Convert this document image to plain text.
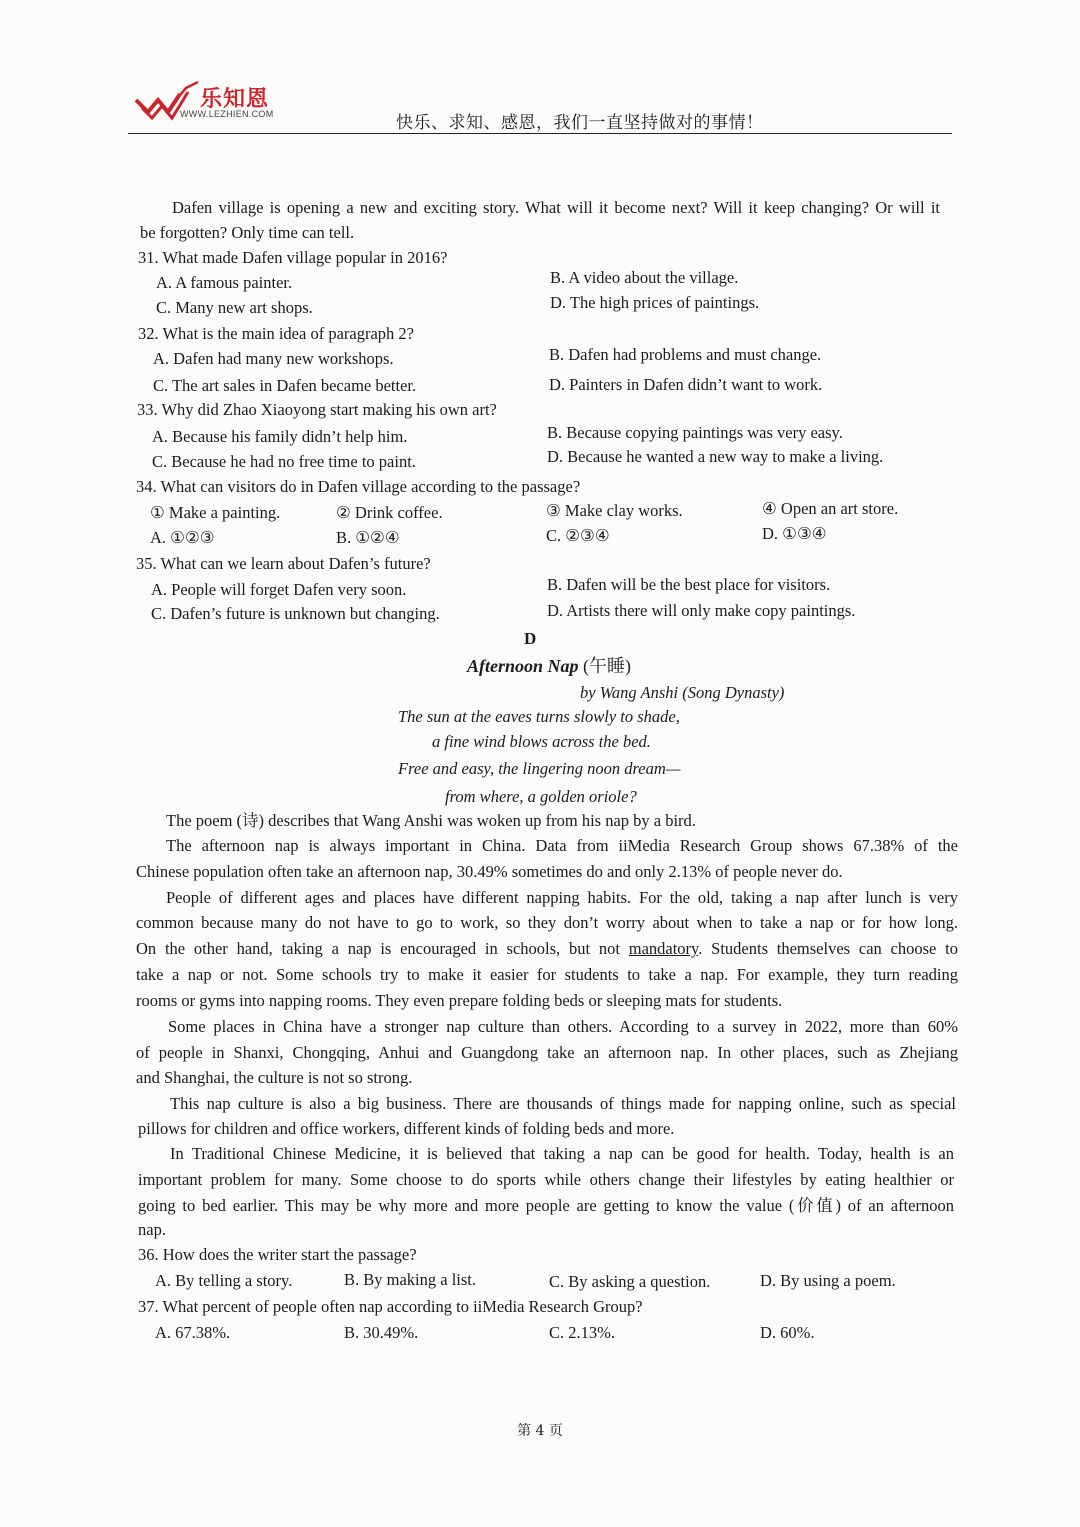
乐知恩
WWW.LEZHIEN.COM	快乐、求知、感恩，我们一直坚持做对的事情！
Dafen village is opening a new and exciting story. What will it become next? Will it keep changing? Or will it
be forgotten? Only time can tell.
31. What made Dafen village popular in 2016?
A. A famous painter.	B. A video about the village.
C. Many new art shops.	D. The high prices of paintings.
32. What is the main idea of paragraph 2?
A. Dafen had many new workshops.	B. Dafen had problems and must change.
C. The art sales in Dafen became better.	D. Painters in Dafen didn’t want to work.
33. Why did Zhao Xiaoyong start making his own art?
A. Because his family didn’t help him.	B. Because copying paintings was very easy.
C. Because he had no free time to paint.	D. Because he wanted a new way to make a living.
34. What can visitors do in Dafen village according to the passage?
① Make a painting.	② Drink coffee.	③ Make clay works.	④ Open an art store.
A. ①②③	B. ①②④	C. ②③④	D. ①③④
35. What can we learn about Dafen’s future?
A. People will forget Dafen very soon.	B. Dafen will be the best place for visitors.
C. Dafen’s future is unknown but changing.	D. Artists there will only make copy paintings.
D
Afternoon Nap (午睡)
by Wang Anshi (Song Dynasty)
The sun at the eaves turns slowly to shade,
a fine wind blows across the bed.
Free and easy, the lingering noon dream—
from where, a golden oriole?
The poem (诗) describes that Wang Anshi was woken up from his nap by a bird.
The afternoon nap is always important in China. Data from iiMedia Research Group shows 67.38% of the
Chinese population often take an afternoon nap, 30.49% sometimes do and only 2.13% of people never do.
People of different ages and places have different napping habits. For the old, taking a nap after lunch is very
common because many do not have to go to work, so they don’t worry about when to take a nap or for how long.
On the other hand, taking a nap is encouraged in schools, but not mandatory. Students themselves can choose to
take a nap or not. Some schools try to make it easier for students to take a nap. For example, they turn reading
rooms or gyms into napping rooms. They even prepare folding beds or sleeping mats for students.
Some places in China have a stronger nap culture than others. According to a survey in 2022, more than 60%
of people in Shanxi, Chongqing, Anhui and Guangdong take an afternoon nap. In other places, such as Zhejiang
and Shanghai, the culture is not so strong.
This nap culture is also a big business. There are thousands of things made for napping online, such as special
pillows for children and office workers, different kinds of folding beds and more.
In Traditional Chinese Medicine, it is believed that taking a nap can be good for health. Today, health is an
important problem for many. Some choose to do sports while others change their lifestyles by eating healthier or
going to bed earlier. This may be why more and more people are getting to know the value (价值) of an afternoon
nap.
36. How does the writer start the passage?
A. By telling a story.	B. By making a list.	C. By asking a question.	D. By using a poem.
37. What percent of people often nap according to iiMedia Research Group?
A. 67.38%.	B. 30.49%.	C. 2.13%.	D. 60%.
第 4 页
